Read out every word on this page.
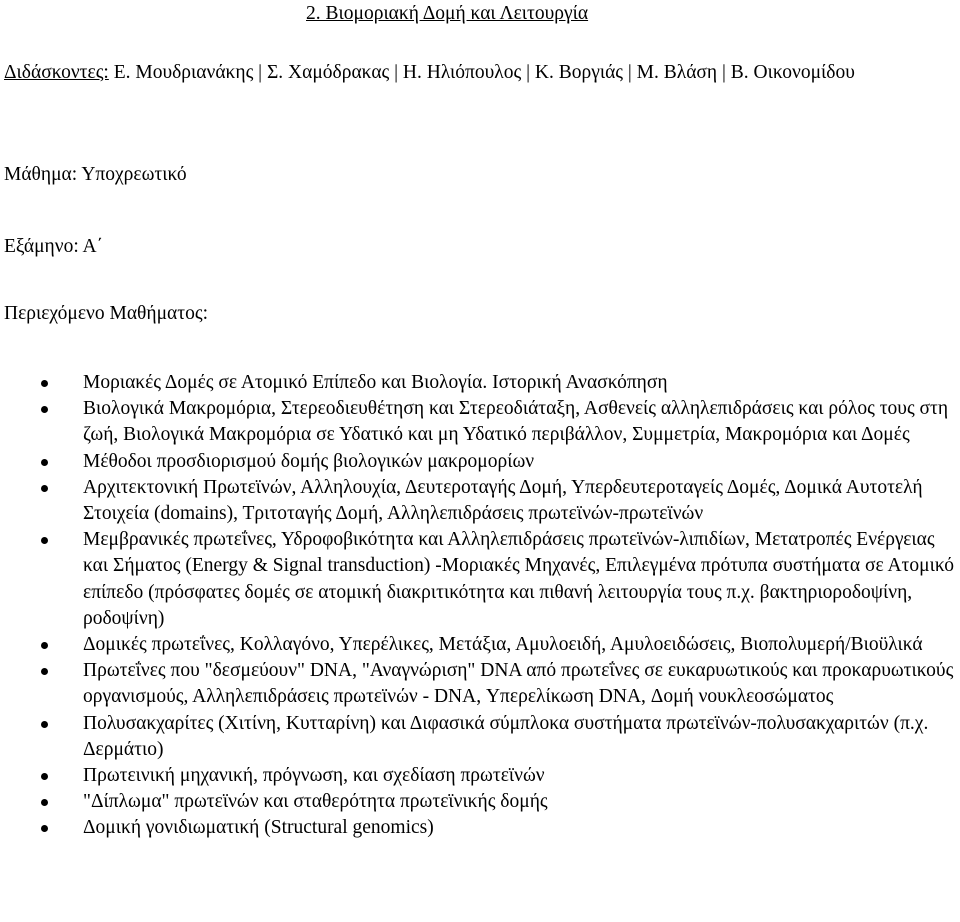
2. Βιομοριακή Δομή και Λειτουργία
Διδάσκοντες: Ε. Μουδριανάκης | Σ. Χαμόδρακας | Η. Ηλιόπουλος | Κ. Βοργιάς | Μ. Βλάση | Β. Οικονομίδου
Μάθημα: Υποχρεωτικό
Εξάμηνο: Α΄
Περιεχόμενο Μαθήματος:
Μοριακές Δομές σε Ατομικό Επίπεδο και Βιολογία. Ιστορική Ανασκόπηση
Βιολογικά Μακρομόρια, Στερεοδιευθέτηση και Στερεοδιάταξη, Ασθενείς αλληλεπιδράσεις και ρόλος τους στη ζωή, Βιολογικά Μακρομόρια σε Υδατικό και μη Υδατικό περιβάλλον, Συμμετρία, Μακρομόρια και Δομές
Μέθοδοι προσδιορισμού δομής βιολογικών μακρομορίων
Αρχιτεκτονική Πρωτεϊνών, Αλληλουχία, Δευτεροταγής Δομή, Υπερδευτεροταγείς Δομές, Δομικά Αυτοτελή Στοιχεία (domains), Τριτοταγής Δομή, Αλληλεπιδράσεις πρωτεϊνών-πρωτεϊνών
Μεμβρανικές πρωτεΐνες, Υδροφοβικότητα και Αλληλεπιδράσεις πρωτεϊνών-λιπιδίων, Μετατροπές Ενέργειας και Σήματος (Energy & Signal transduction) -Μοριακές Μηχανές, Επιλεγμένα πρότυπα συστήματα σε Ατομικό επίπεδο (πρόσφατες δομές σε ατομική διακριτικότητα και πιθανή λειτουργία τους π.χ. βακτηριοροδοψίνη, ροδοψίνη)
Δομικές πρωτεΐνες, Κολλαγόνο, Υπερέλικες, Μετάξια, Αμυλοειδή, Αμυλοειδώσεις, Βιοπολυμερή/Βιοϋλικά
Πρωτεΐνες που "δεσμεύουν" DNA, "Αναγνώριση" DNA από πρωτεΐνες σε ευκαρυωτικούς και προκαρυωτικούς οργανισμούς, Αλληλεπιδράσεις πρωτεϊνών - DNA, Υπερελίκωση DNA, Δομή νουκλεοσώματος
Πολυσακχαρίτες (Χιτίνη, Κυτταρίνη) και Διφασικά σύμπλοκα συστήματα πρωτεϊνών-πολυσακχαριτών (π.χ. Δερμάτιο)
Πρωτεινική μηχανική, πρόγνωση, και σχεδίαση πρωτεϊνών
"Δίπλωμα" πρωτεϊνών και σταθερότητα πρωτεϊνικής δομής
Δομική γονιδιωματική (Structural genomics)
